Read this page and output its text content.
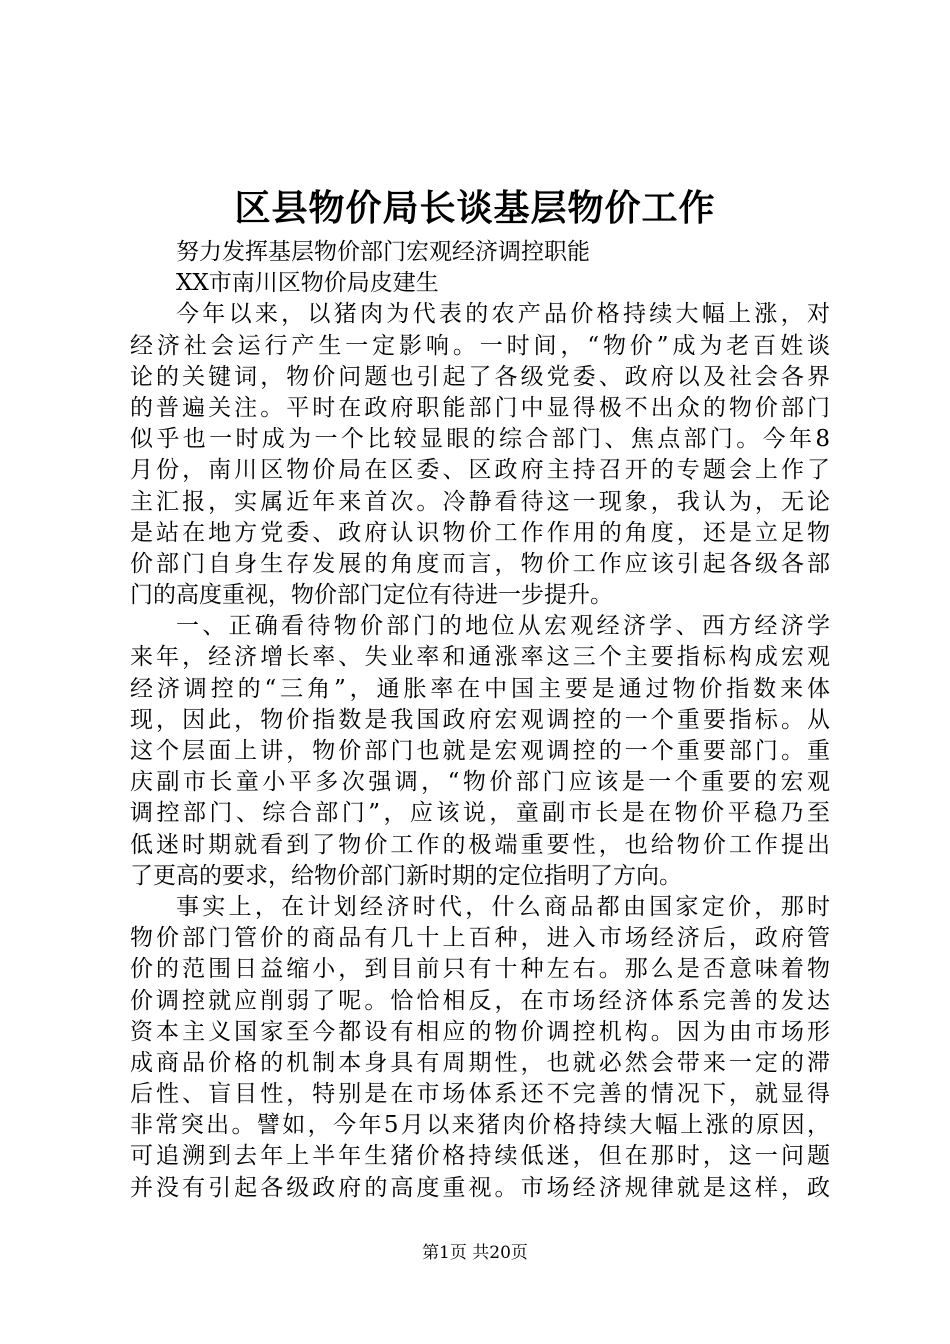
区县物价局长谈基层物价工作
努力发挥基层物价部门宏观经济调控职能
XX市南川区物价局皮建生
今年以来，以猪肉为代表的农产品价格持续大幅上涨，对
经济社会运行产生一定影响。一时间，“物价”成为老百姓谈
论的关键词，物价问题也引起了各级党委、政府以及社会各界
的普遍关注。平时在政府职能部门中显得极不出众的物价部门
似乎也一时成为一个比较显眼的综合部门、焦点部门。今年8
月份，南川区物价局在区委、区政府主持召开的专题会上作了
主汇报，实属近年来首次。冷静看待这一现象，我认为，无论
是站在地方党委、政府认识物价工作作用的角度，还是立足物
价部门自身生存发展的角度而言，物价工作应该引起各级各部
门的高度重视，物价部门定位有待进一步提升。
一、正确看待物价部门的地位从宏观经济学、西方经济学
来年，经济增长率、失业率和通涨率这三个主要指标构成宏观
经济调控的“三角”，通胀率在中国主要是通过物价指数来体
现，因此，物价指数是我国政府宏观调控的一个重要指标。从
这个层面上讲，物价部门也就是宏观调控的一个重要部门。重
庆副市长童小平多次强调，“物价部门应该是一个重要的宏观
调控部门、综合部门”，应该说，童副市长是在物价平稳乃至
低迷时期就看到了物价工作的极端重要性，也给物价工作提出
了更高的要求，给物价部门新时期的定位指明了方向。
事实上，在计划经济时代，什么商品都由国家定价，那时
物价部门管价的商品有几十上百种，进入市场经济后，政府管
价的范围日益缩小，到目前只有十种左右。那么是否意味着物
价调控就应削弱了呢。恰恰相反，在市场经济体系完善的发达
资本主义国家至今都设有相应的物价调控机构。因为由市场形
成商品价格的机制本身具有周期性，也就必然会带来一定的滞
后性、盲目性，特别是在市场体系还不完善的情况下，就显得
非常突出。譬如，今年5月以来猪肉价格持续大幅上涨的原因，
可追溯到去年上半年生猪价格持续低迷，但在那时，这一问题
并没有引起各级政府的高度重视。市场经济规律就是这样，政
第1页 共20页
